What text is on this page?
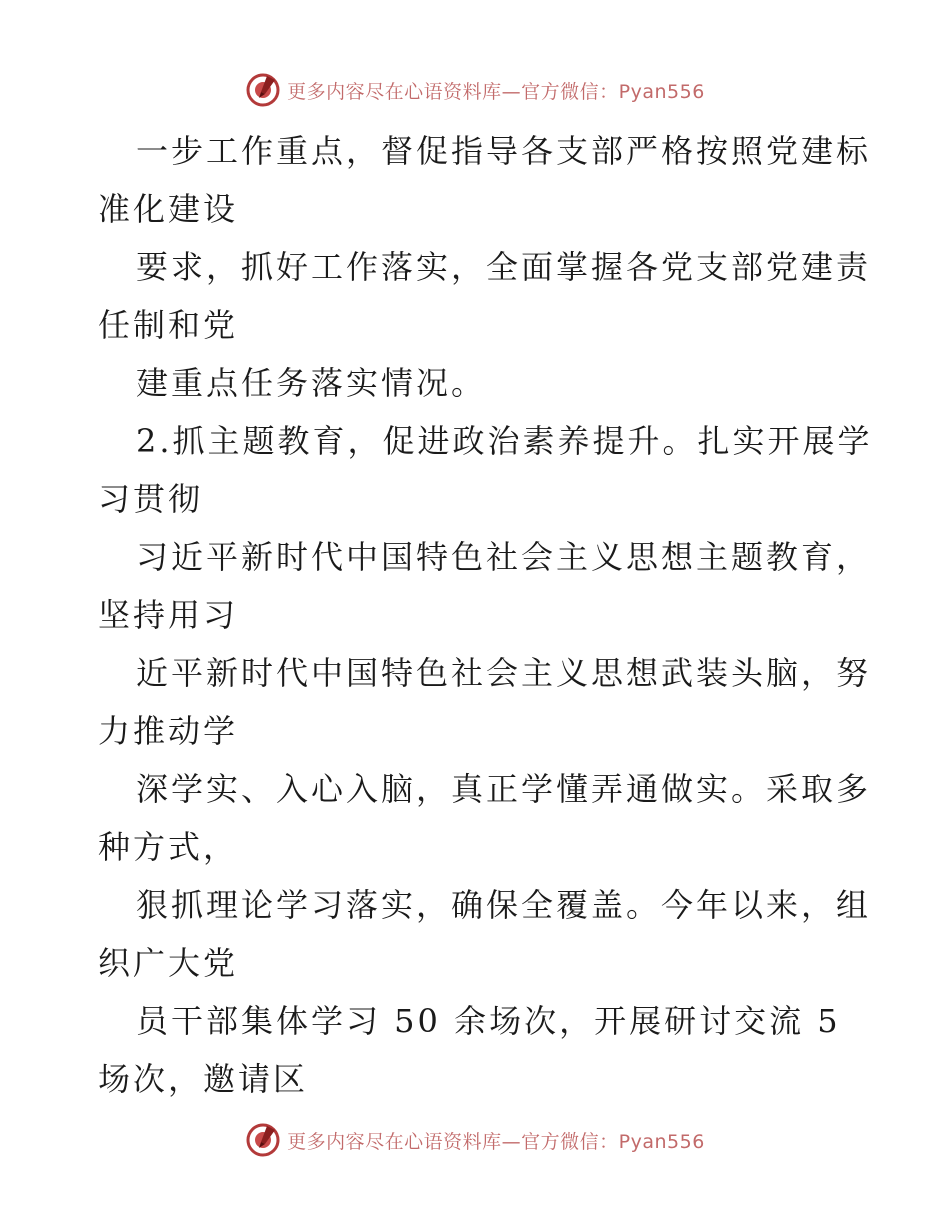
更多内容尽在心语资料库—官方微信：Pyan556
一步工作重点，督促指导各支部严格按照党建标
准化建设
要求，抓好工作落实，全面掌握各党支部党建责
任制和党
建重点任务落实情况。
2.抓主题教育，促进政治素养提升。扎实开展学
习贯彻
习近平新时代中国特色社会主义思想主题教育，
坚持用习
近平新时代中国特色社会主义思想武装头脑，努
力推动学
深学实、入心入脑，真正学懂弄通做实。采取多
种方式，
狠抓理论学习落实，确保全覆盖。今年以来，组
织广大党
员干部集体学习 50 余场次，开展研讨交流 5
场次，邀请区
更多内容尽在心语资料库—官方微信：Pyan556
